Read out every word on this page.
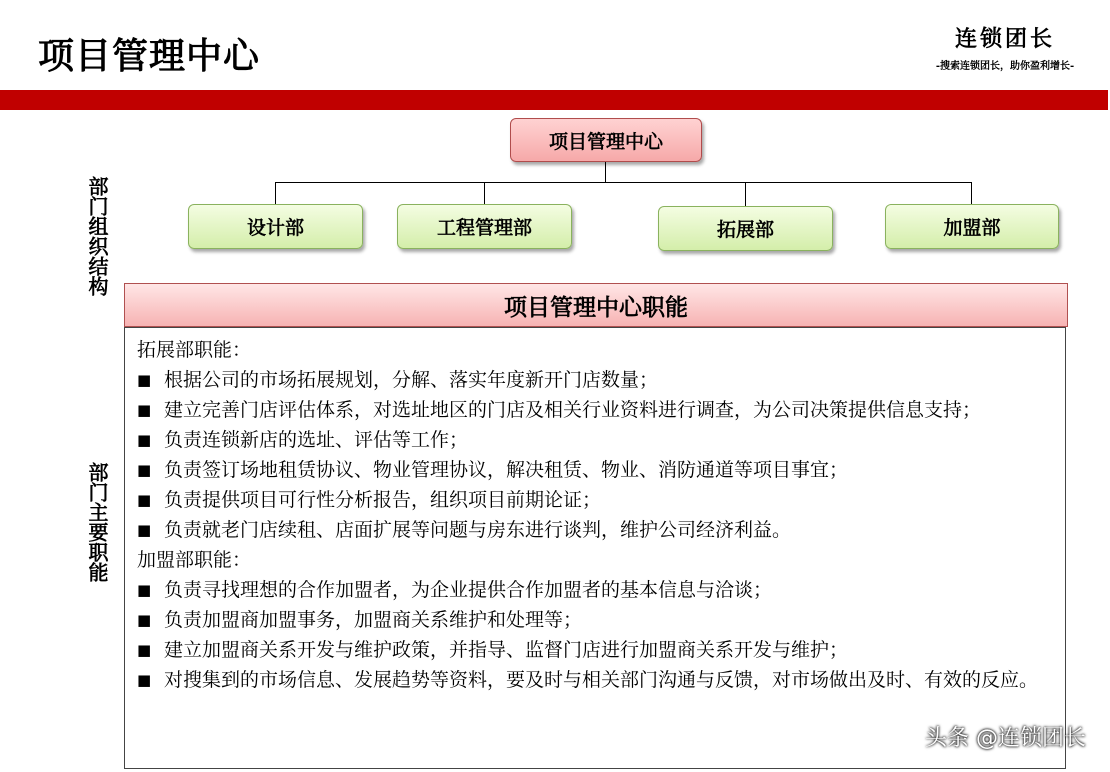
项目管理中心	连锁团长
-搜索连锁团长，助你盈利增长-
部门组织结构
部门主要职能
项目管理中心
设计部	工程管理部	拓展部	加盟部
项目管理中心职能
拓展部职能：
■ 根据公司的市场拓展规划，分解、落实年度新开门店数量；
■ 建立完善门店评估体系，对选址地区的门店及相关行业资料进行调查，为公司决策提供信息支持；
■ 负责连锁新店的选址、评估等工作；
■ 负责签订场地租赁协议、物业管理协议，解决租赁、物业、消防通道等项目事宜；
■ 负责提供项目可行性分析报告，组织项目前期论证；
■ 负责就老门店续租、店面扩展等问题与房东进行谈判，维护公司经济利益。
加盟部职能：
■ 负责寻找理想的合作加盟者，为企业提供合作加盟者的基本信息与洽谈；
■ 负责加盟商加盟事务，加盟商关系维护和处理等；
■ 建立加盟商关系开发与维护政策，并指导、监督门店进行加盟商关系开发与维护；
■ 对搜集到的市场信息、发展趋势等资料，要及时与相关部门沟通与反馈，对市场做出及时、有效的反应。
头条 @连锁团长
